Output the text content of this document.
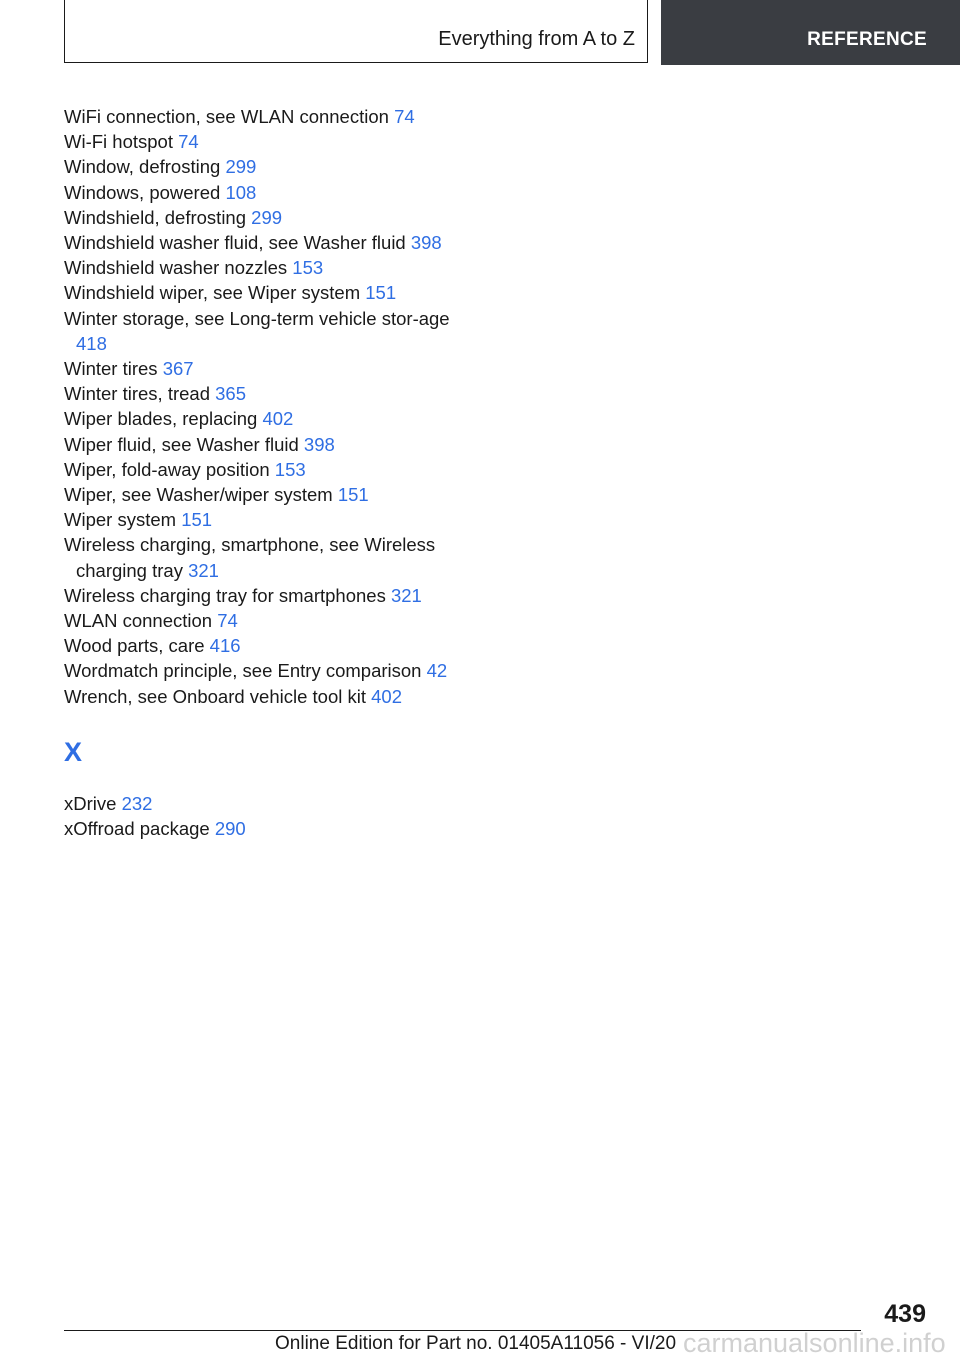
Everything from A to Z	REFERENCE
WiFi connection, see WLAN connection 74
Wi-Fi hotspot 74
Window, defrosting 299
Windows, powered 108
Windshield, defrosting 299
Windshield washer fluid, see Washer fluid 398
Windshield washer nozzles 153
Windshield wiper, see Wiper system 151
Winter storage, see Long-term vehicle stor‑age 418
Winter tires 367
Winter tires, tread 365
Wiper blades, replacing 402
Wiper fluid, see Washer fluid 398
Wiper, fold-away position 153
Wiper, see Washer/wiper system 151
Wiper system 151
Wireless charging, smartphone, see Wireless charging tray 321
Wireless charging tray for smartphones 321
WLAN connection 74
Wood parts, care 416
Wordmatch principle, see Entry comparison 42
Wrench, see Onboard vehicle tool kit 402
X
xDrive 232
xOffroad package 290
439
Online Edition for Part no. 01405A11056 - VI/20 carmanualsonline.info
